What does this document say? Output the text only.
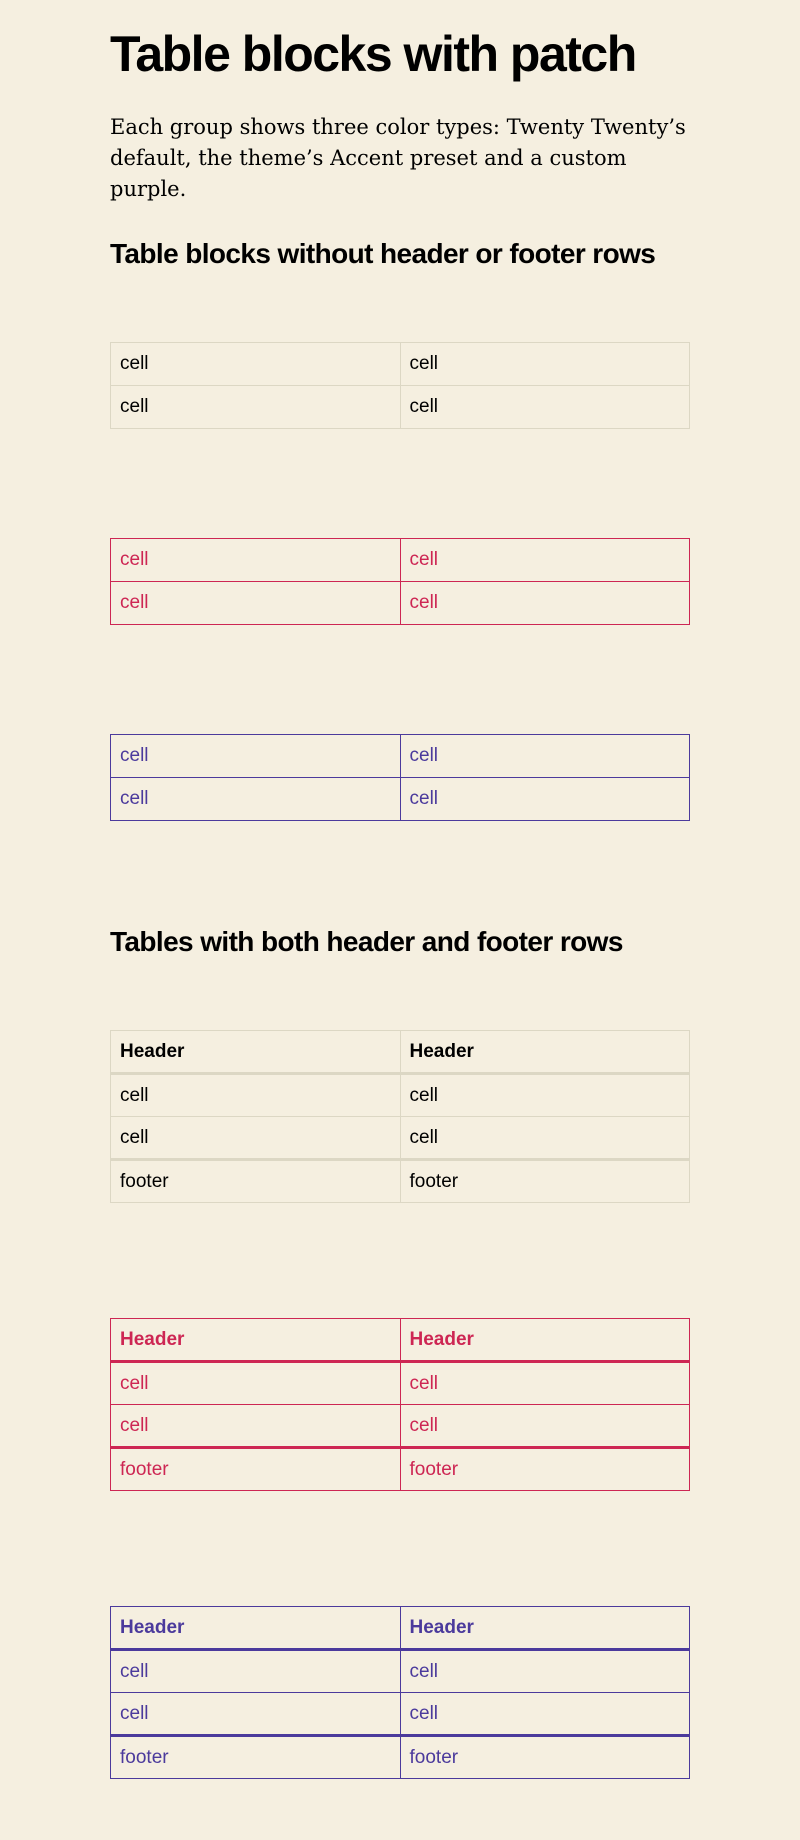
Table blocks with patch

Each group shows three color types: Twenty Twenty’s default, the theme’s Accent preset and a custom purple.

Table blocks without header or footer rows
cell	cell
cell	cell
cell	cell
cell	cell
cell	cell
cell	cell
Tables with both header and footer rows
Header	Header
cell	cell
cell	cell
footer	footer
Header	Header
cell	cell
cell	cell
footer	footer
Header	Header
cell	cell
cell	cell
footer	footer
